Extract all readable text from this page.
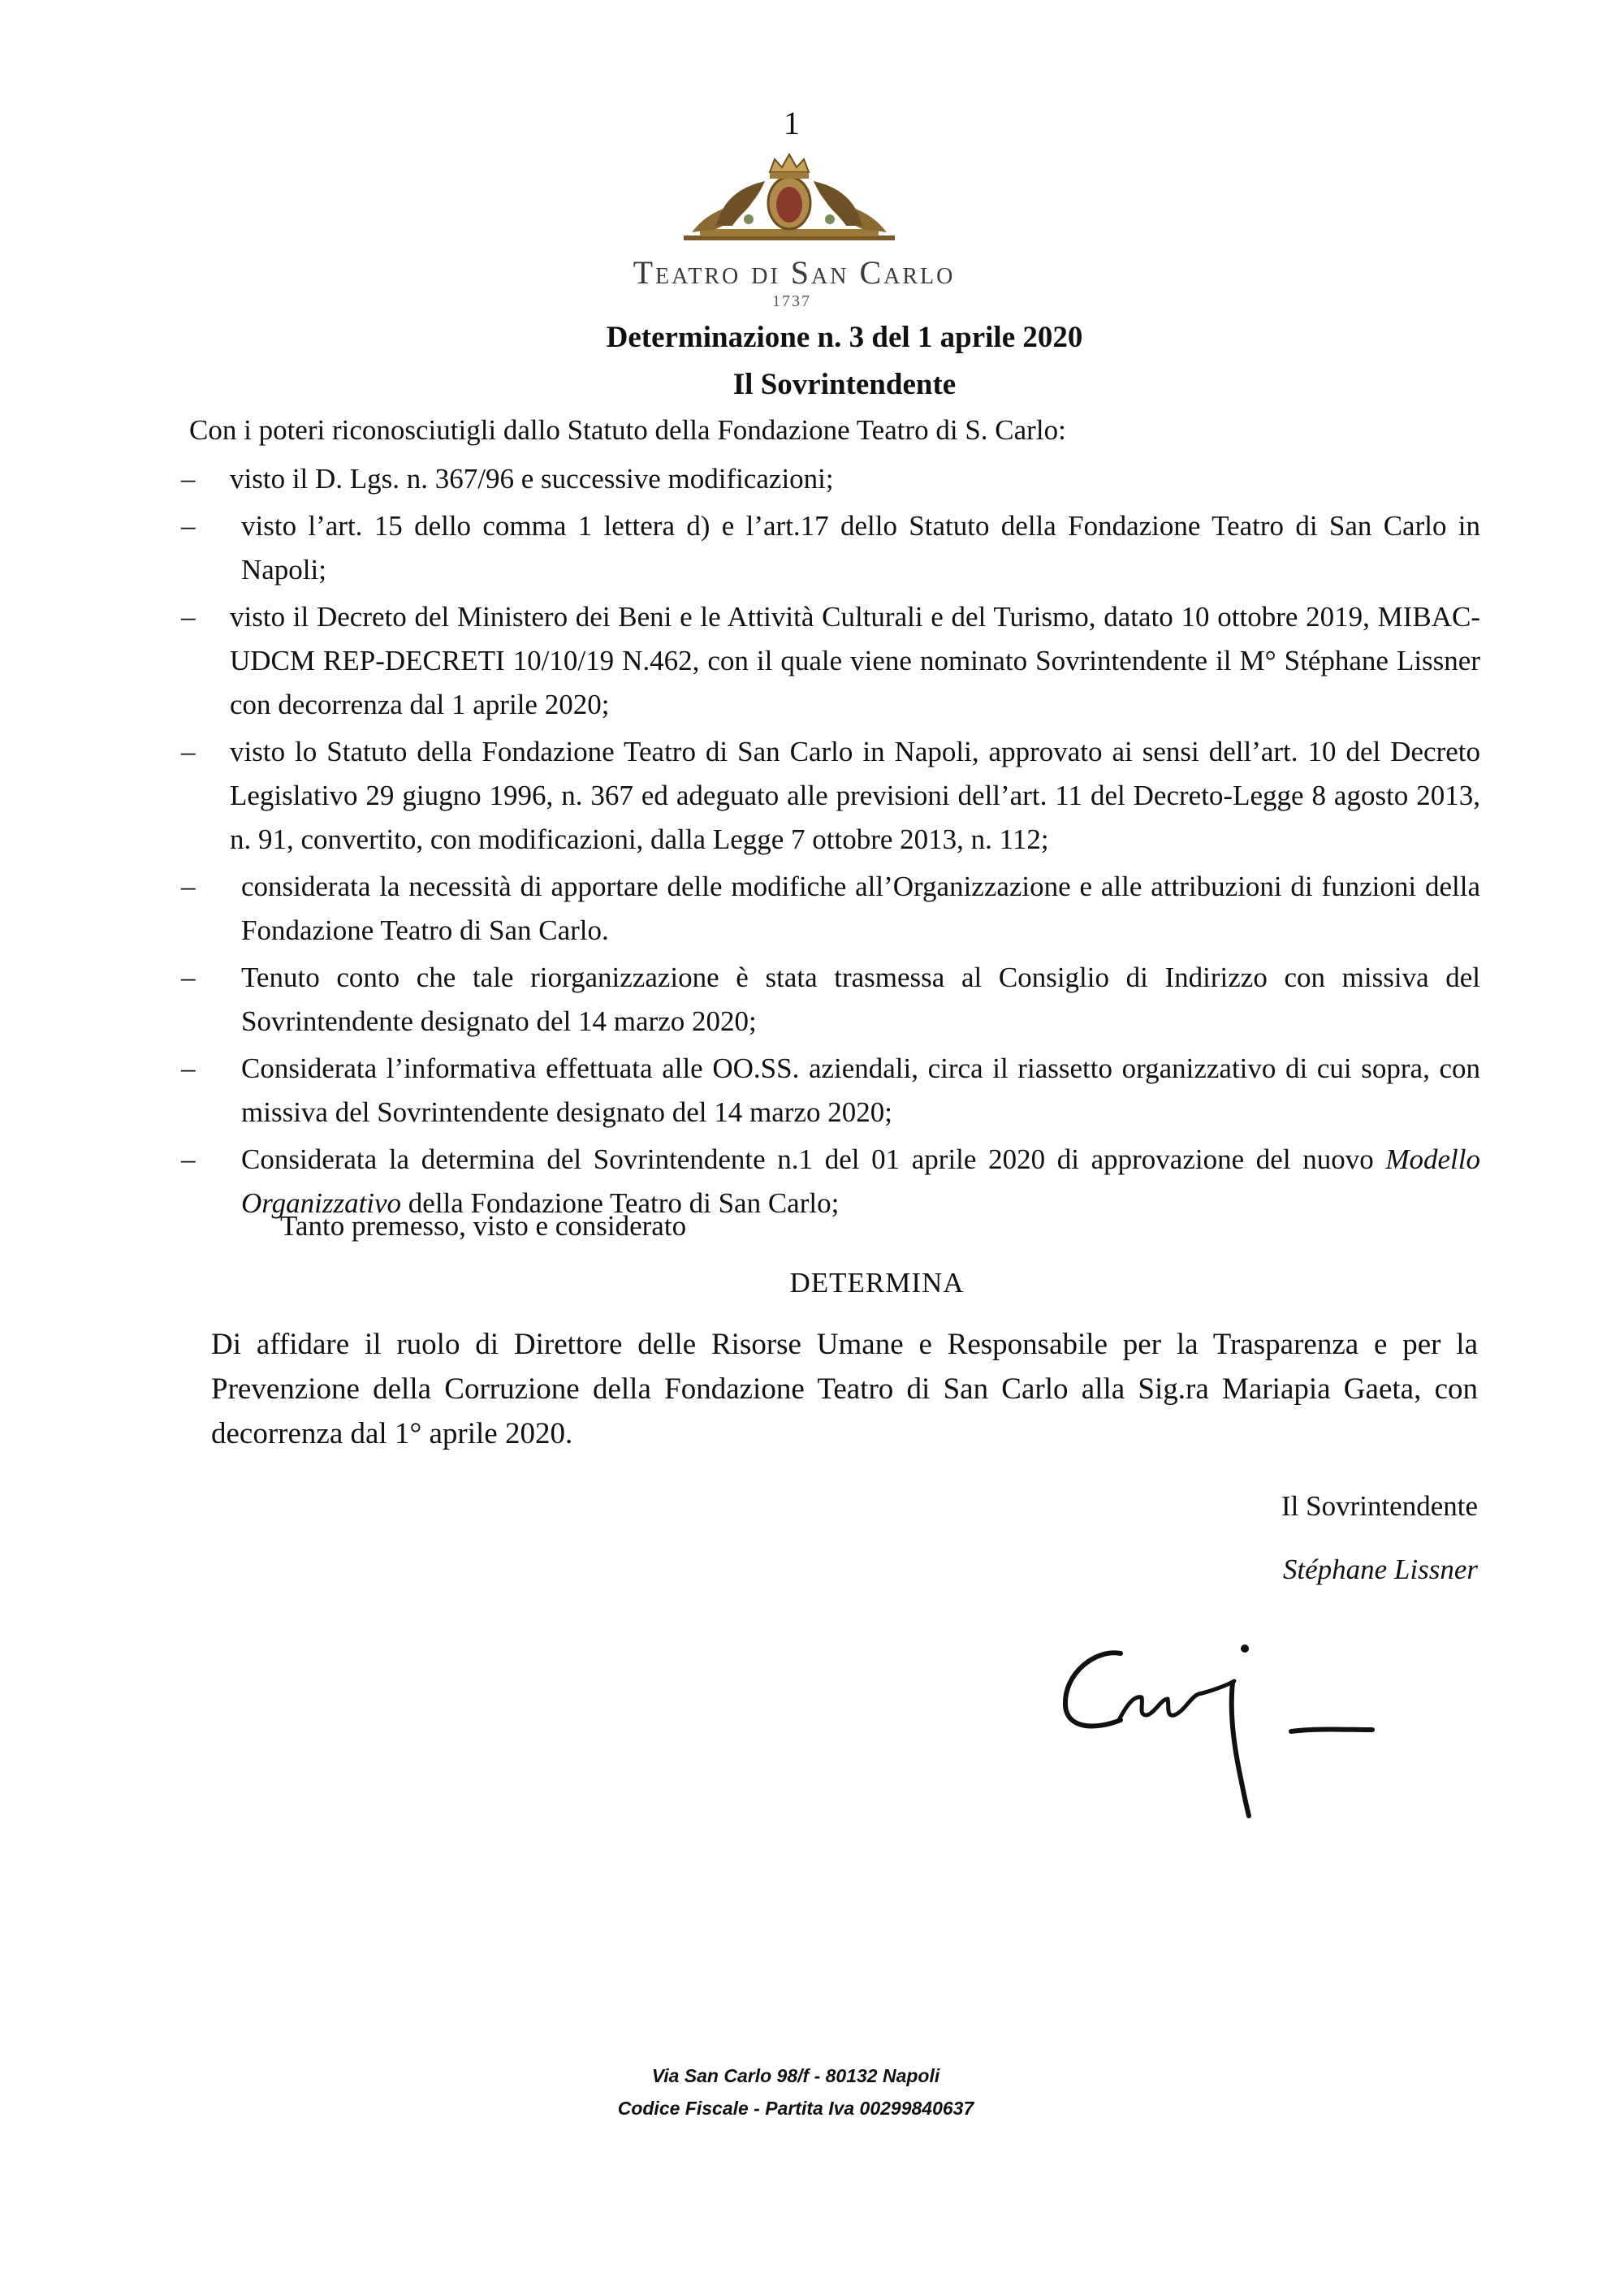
1
Teatro di San Carlo
1737
Determinazione n. 3 del 1 aprile 2020
Il Sovrintendente
Con i poteri riconosciutigli dallo Statuto della Fondazione Teatro di S. Carlo:
– visto il D. Lgs. n. 367/96 e successive modificazioni;
– visto l’art. 15 dello comma 1 lettera d) e l’art.17 dello Statuto della Fondazione Teatro di San Carlo in Napoli;
– visto il Decreto del Ministero dei Beni e le Attività Culturali e del Turismo, datato 10 ottobre 2019, MIBAC-UDCM REP-DECRETI 10/10/19 N.462, con il quale viene nominato Sovrintendente il M° Stéphane Lissner con decorrenza dal 1 aprile 2020;
– visto lo Statuto della Fondazione Teatro di San Carlo in Napoli, approvato ai sensi dell’art. 10 del Decreto Legislativo 29 giugno 1996, n. 367 ed adeguato alle previsioni dell’art. 11 del Decreto-Legge 8 agosto 2013, n. 91, convertito, con modificazioni, dalla Legge 7 ottobre 2013, n. 112;
– considerata la necessità di apportare delle modifiche all’Organizzazione e alle attribuzioni di funzioni della Fondazione Teatro di San Carlo.
– Tenuto conto che tale riorganizzazione è stata trasmessa al Consiglio di Indirizzo con missiva del Sovrintendente designato del 14 marzo 2020;
– Considerata l’informativa effettuata alle OO.SS. aziendali, circa il riassetto organizzativo di cui sopra, con missiva del Sovrintendente designato del 14 marzo 2020;
– Considerata la determina del Sovrintendente n.1 del 01 aprile 2020 di approvazione del nuovo Modello Organizzativo della Fondazione Teatro di San Carlo;
Tanto premesso, visto e considerato
DETERMINA

Di affidare il ruolo di Direttore delle Risorse Umane e Responsabile per la Trasparenza e per la Prevenzione della Corruzione della Fondazione Teatro di San Carlo alla Sig.ra Mariapia Gaeta, con decorrenza dal 1° aprile 2020.

Il Sovrintendente
Stéphane Lissner
Via San Carlo 98/f - 80132 Napoli
Codice Fiscale - Partita Iva 00299840637
